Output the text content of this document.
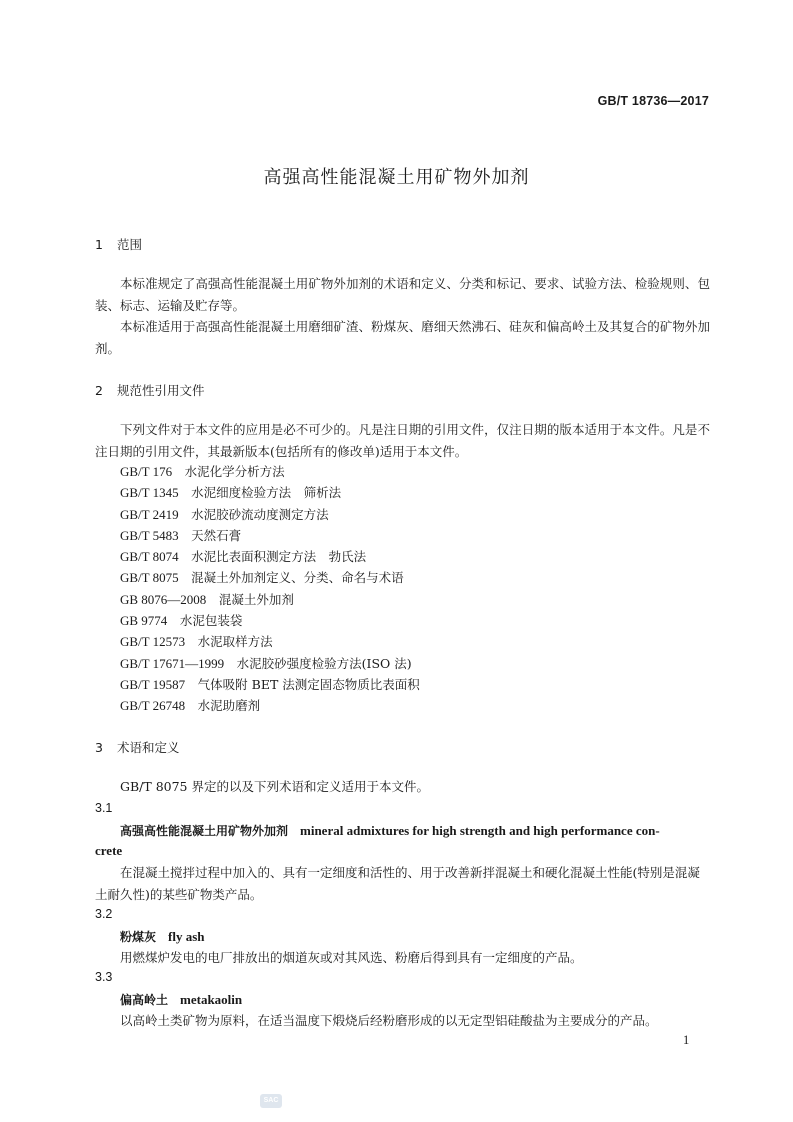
GB/T 18736—2017
高强高性能混凝土用矿物外加剂
1 范围

本标准规定了高强高性能混凝土用矿物外加剂的术语和定义、分类和标记、要求、试验方法、检验规则、包装、标志、运输及贮存等。

本标准适用于高强高性能混凝土用磨细矿渣、粉煤灰、磨细天然沸石、硅灰和偏高岭土及其复合的矿物外加剂。

2 规范性引用文件

下列文件对于本文件的应用是必不可少的。凡是注日期的引用文件，仅注日期的版本适用于本文件。凡是不注日期的引用文件，其最新版本(包括所有的修改单)适用于本文件。

GB/T 176　 水泥化学分析方法
GB/T 1345　 水泥细度检验方法　筛析法
GB/T 2419　 水泥胶砂流动度测定方法
GB/T 5483　 天然石膏
GB/T 8074　 水泥比表面积测定方法　勃氏法
GB/T 8075　 混凝土外加剂定义、分类、命名与术语
GB 8076—2008　 混凝土外加剂
GB 9774　 水泥包装袋
GB/T 12573　 水泥取样方法
GB/T 17671—1999　 水泥胶砂强度检验方法(ISO 法)
GB/T 19587　 气体吸附 BET 法测定固态物质比表面积
GB/T 26748　 水泥助磨剂
3 术语和定义

GB/T 8075 界定的以及下列术语和定义适用于本文件。

3.1
高强高性能混凝土用矿物外加剂 mineral admixtures for high strength and high performance con-
crete

在混凝土搅拌过程中加入的、具有一定细度和活性的、用于改善新拌混凝土和硬化混凝土性能(特别是混凝土耐久性)的某些矿物类产品。

3.2
粉煤灰 fly ash

用燃煤炉发电的电厂排放出的烟道灰或对其风选、粉磨后得到具有一定细度的产品。

3.3
偏高岭土 metakaolin

以高岭土类矿物为原料，在适当温度下煅烧后经粉磨形成的以无定型铝硅酸盐为主要成分的产品。

1
SAC
